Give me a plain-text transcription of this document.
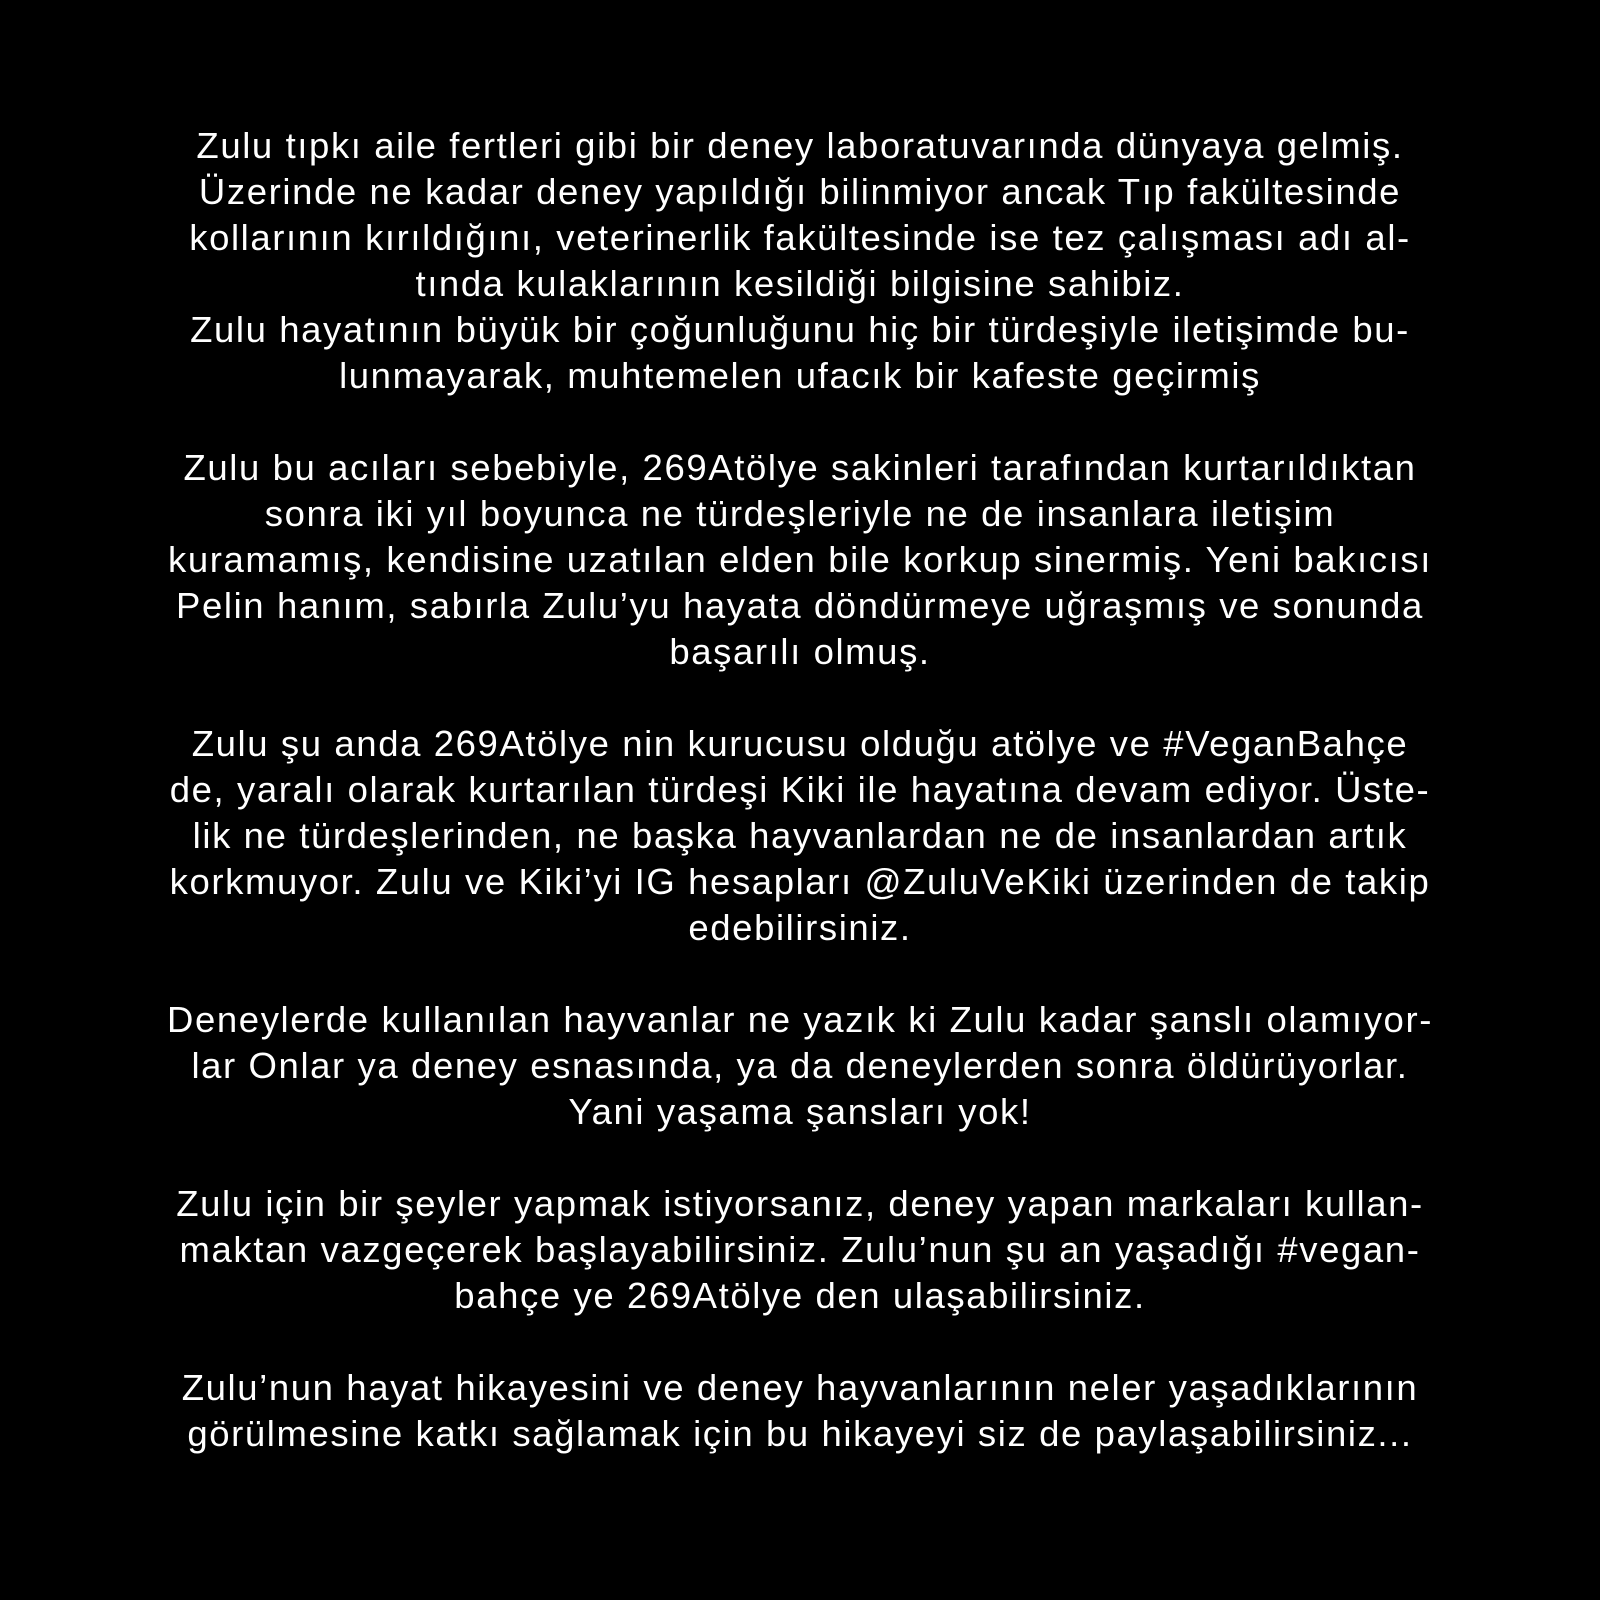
Zulu tıpkı aile fertleri gibi bir deney laboratuvarında dünyaya gelmiş.
Üzerinde ne kadar deney yapıldığı bilinmiyor ancak Tıp fakültesinde
kollarının kırıldığını, veterinerlik fakültesinde ise tez çalışması adı al-
tında kulaklarının kesildiği bilgisine sahibiz.
Zulu hayatının büyük bir çoğunluğunu hiç bir türdeşiyle iletişimde bu-
lunmayarak, muhtemelen ufacık bir kafeste geçirmiş
Zulu bu acıları sebebiyle, 269Atölye sakinleri tarafından kurtarıldıktan
sonra iki yıl boyunca ne türdeşleriyle ne de insanlara iletişim
kuramamış, kendisine uzatılan elden bile korkup sinermiş. Yeni bakıcısı
Pelin hanım, sabırla Zulu’yu hayata döndürmeye uğraşmış ve sonunda
başarılı olmuş.
Zulu şu anda 269Atölye nin kurucusu olduğu atölye ve #VeganBahçe
de, yaralı olarak kurtarılan türdeşi Kiki ile hayatına devam ediyor. Üste-
lik ne türdeşlerinden, ne başka hayvanlardan ne de insanlardan artık
korkmuyor. Zulu ve Kiki’yi IG hesapları @ZuluVeKiki üzerinden de takip
edebilirsiniz.
Deneylerde kullanılan hayvanlar ne yazık ki Zulu kadar şanslı olamıyor-
lar Onlar ya deney esnasında, ya da deneylerden sonra öldürüyorlar.
Yani yaşama şansları yok!
Zulu için bir şeyler yapmak istiyorsanız, deney yapan markaları kullan-
maktan vazgeçerek başlayabilirsiniz. Zulu’nun şu an yaşadığı #vegan-
bahçe ye 269Atölye den ulaşabilirsiniz.
Zulu’nun hayat hikayesini ve deney hayvanlarının neler yaşadıklarının
görülmesine katkı sağlamak için bu hikayeyi siz de paylaşabilirsiniz...
